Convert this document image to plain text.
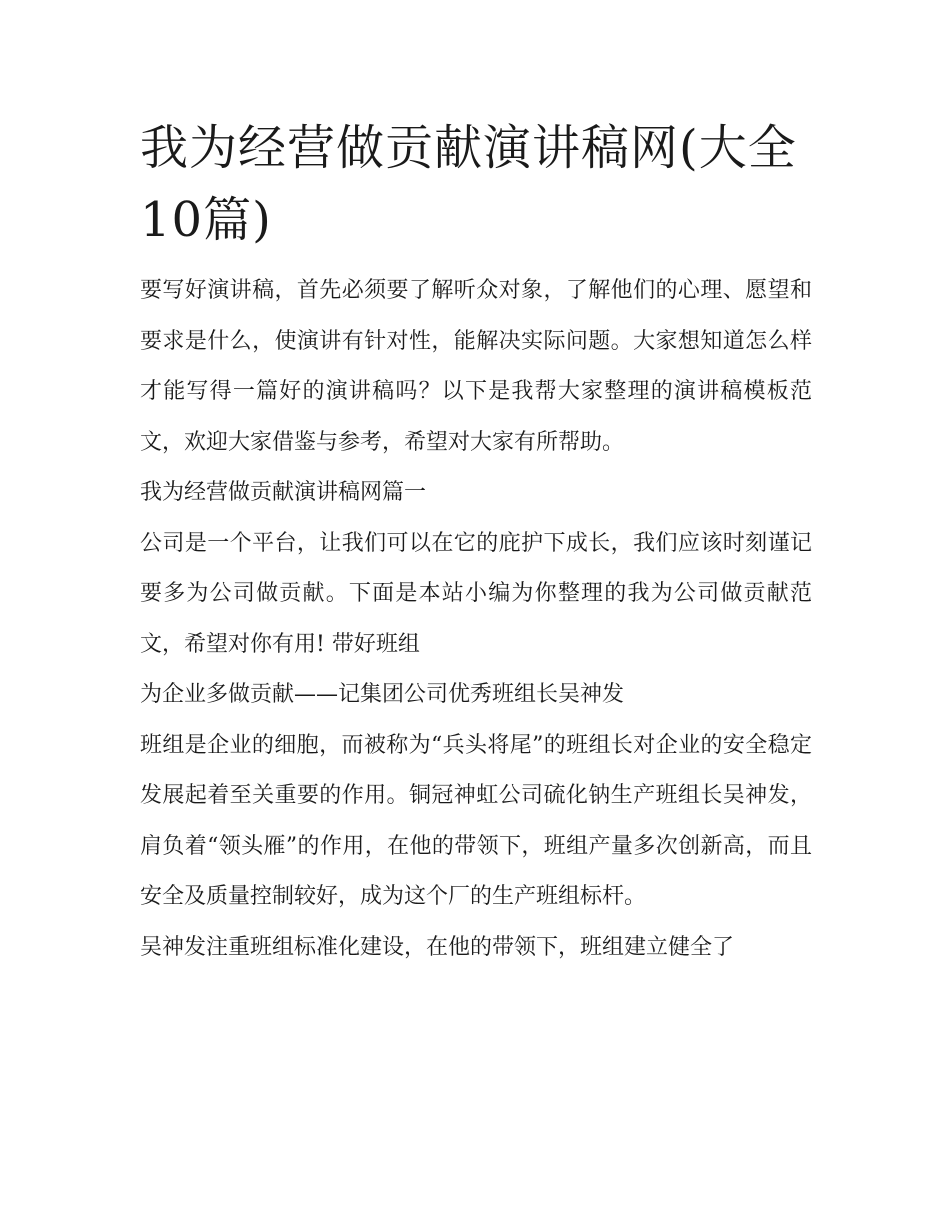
我为经营做贡献演讲稿网(大全10篇)

要写好演讲稿，首先必须要了解听众对象，了解他们的心理、愿望和要求是什么，使演讲有针对性，能解决实际问题。大家想知道怎么样才能写得一篇好的演讲稿吗？以下是我帮大家整理的演讲稿模板范文，欢迎大家借鉴与参考，希望对大家有所帮助。

我为经营做贡献演讲稿网篇一

公司是一个平台，让我们可以在它的庇护下成长，我们应该时刻谨记要多为公司做贡献。下面是本站小编为你整理的我为公司做贡献范文，希望对你有用! 带好班组

为企业多做贡献——记集团公司优秀班组长吴神发

班组是企业的细胞，而被称为“兵头将尾”的班组长对企业的安全稳定发展起着至关重要的作用。铜冠神虹公司硫化钠生产班组长吴神发，肩负着“领头雁”的作用，在他的带领下，班组产量多次创新高，而且安全及质量控制较好，成为这个厂的生产班组标杆。

吴神发注重班组标准化建设，在他的带领下，班组建立健全了
